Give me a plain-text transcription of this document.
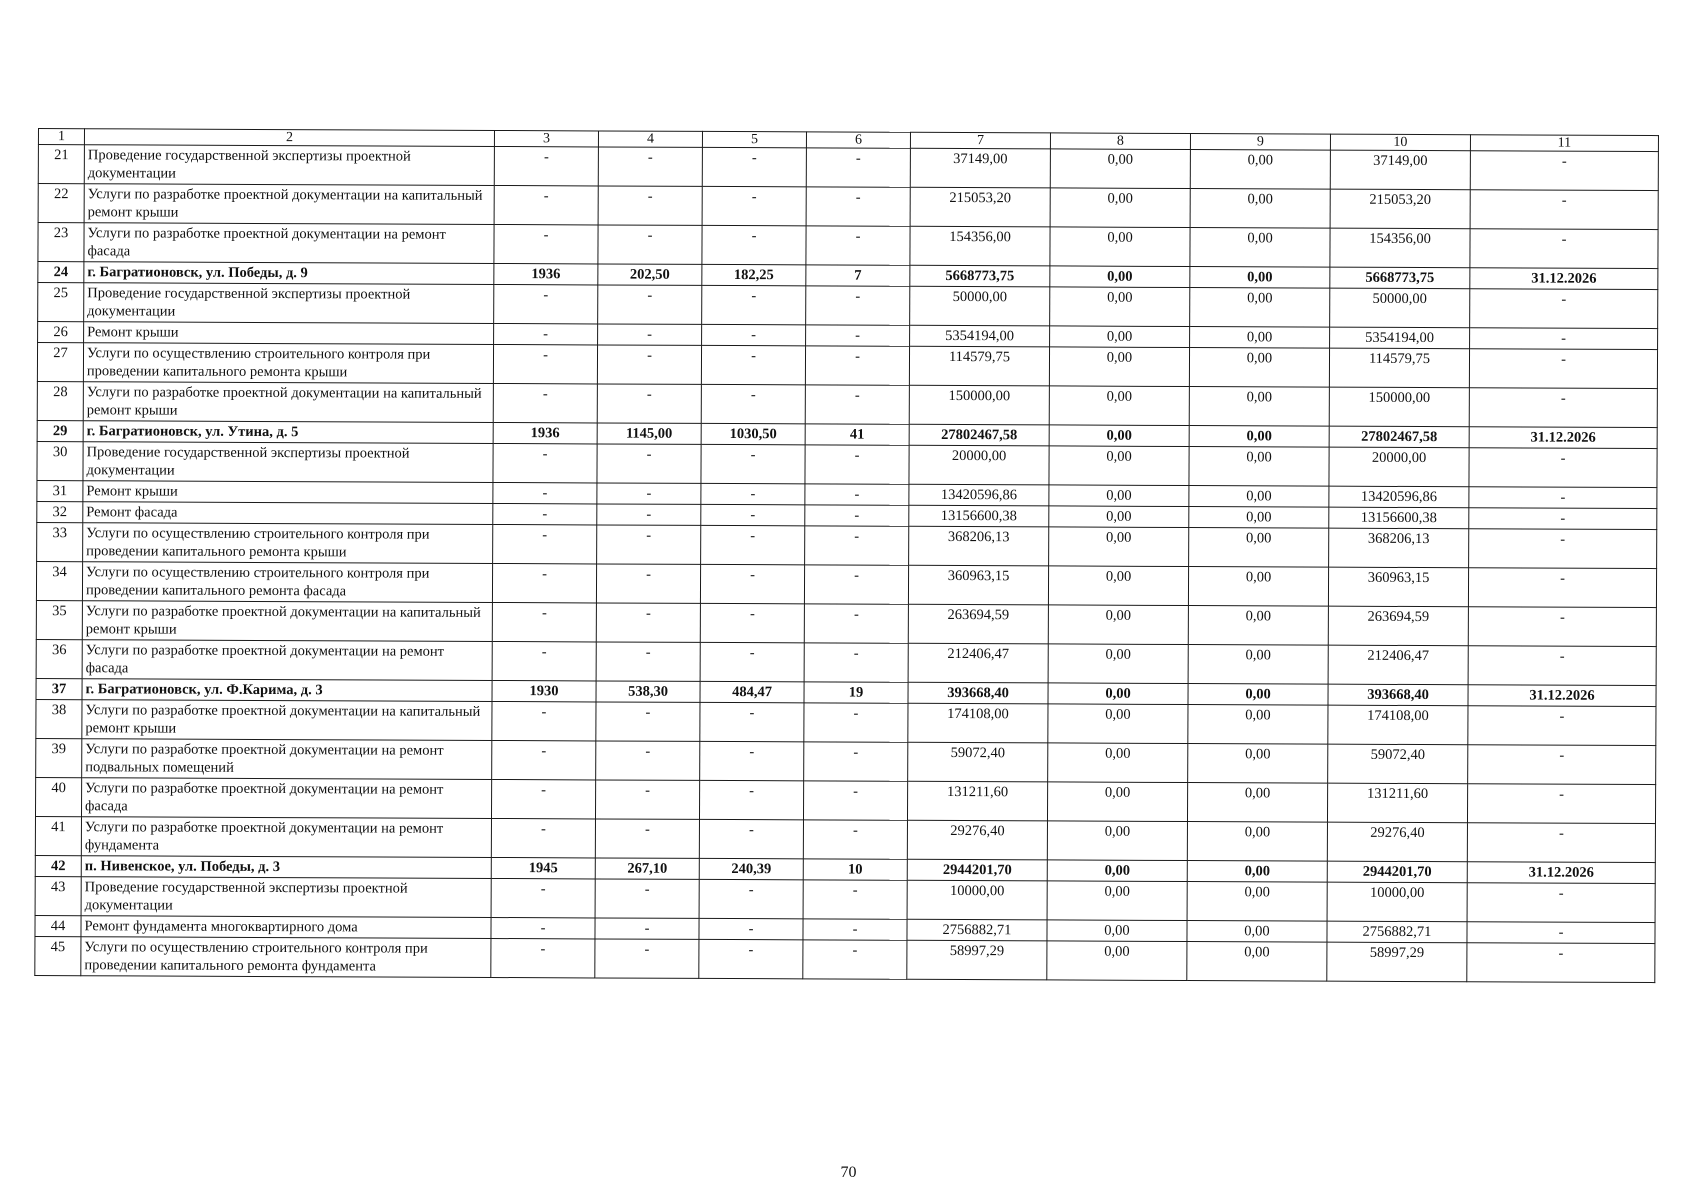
1	2	3	4	5	6	7	8	9	10	11
21	Проведение государственной экспертизы проектной документации	-	-	-	-	37149,00	0,00	0,00	37149,00	-
22	Услуги по разработке проектной документации на капитальный ремонт крыши	-	-	-	-	215053,20	0,00	0,00	215053,20	-
23	Услуги по разработке проектной документации на ремонт фасада	-	-	-	-	154356,00	0,00	0,00	154356,00	-
24	г. Багратионовск, ул. Победы, д. 9	1936	202,50	182,25	7	5668773,75	0,00	0,00	5668773,75	31.12.2026
25	Проведение государственной экспертизы проектной документации	-	-	-	-	50000,00	0,00	0,00	50000,00	-
26	Ремонт крыши	-	-	-	-	5354194,00	0,00	0,00	5354194,00	-
27	Услуги по осуществлению строительного контроля при проведении капитального ремонта крыши	-	-	-	-	114579,75	0,00	0,00	114579,75	-
28	Услуги по разработке проектной документации на капитальный ремонт крыши	-	-	-	-	150000,00	0,00	0,00	150000,00	-
29	г. Багратионовск, ул. Утина, д. 5	1936	1145,00	1030,50	41	27802467,58	0,00	0,00	27802467,58	31.12.2026
30	Проведение государственной экспертизы проектной документации	-	-	-	-	20000,00	0,00	0,00	20000,00	-
31	Ремонт крыши	-	-	-	-	13420596,86	0,00	0,00	13420596,86	-
32	Ремонт фасада	-	-	-	-	13156600,38	0,00	0,00	13156600,38	-
33	Услуги по осуществлению строительного контроля при проведении капитального ремонта крыши	-	-	-	-	368206,13	0,00	0,00	368206,13	-
34	Услуги по осуществлению строительного контроля при проведении капитального ремонта фасада	-	-	-	-	360963,15	0,00	0,00	360963,15	-
35	Услуги по разработке проектной документации на капитальный ремонт крыши	-	-	-	-	263694,59	0,00	0,00	263694,59	-
36	Услуги по разработке проектной документации на ремонт фасада	-	-	-	-	212406,47	0,00	0,00	212406,47	-
37	г. Багратионовск, ул. Ф.Карима, д. 3	1930	538,30	484,47	19	393668,40	0,00	0,00	393668,40	31.12.2026
38	Услуги по разработке проектной документации на капитальный ремонт крыши	-	-	-	-	174108,00	0,00	0,00	174108,00	-
39	Услуги по разработке проектной документации на ремонт подвальных помещений	-	-	-	-	59072,40	0,00	0,00	59072,40	-
40	Услуги по разработке проектной документации на ремонт фасада	-	-	-	-	131211,60	0,00	0,00	131211,60	-
41	Услуги по разработке проектной документации на ремонт фундамента	-	-	-	-	29276,40	0,00	0,00	29276,40	-
42	п. Нивенское, ул. Победы, д. 3	1945	267,10	240,39	10	2944201,70	0,00	0,00	2944201,70	31.12.2026
43	Проведение государственной экспертизы проектной документации	-	-	-	-	10000,00	0,00	0,00	10000,00	-
44	Ремонт фундамента многоквартирного дома	-	-	-	-	2756882,71	0,00	0,00	2756882,71	-
45	Услуги по осуществлению строительного контроля при проведении капитального ремонта фундамента	-	-	-	-	58997,29	0,00	0,00	58997,29	-
70
